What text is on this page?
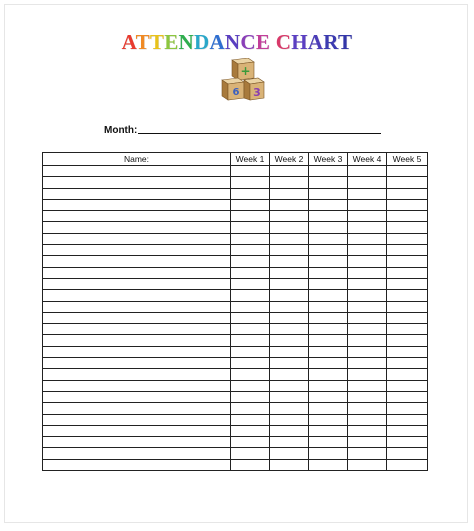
ATTENDANCE CHART
+
6 3
Month:
Name:	Week 1	Week 2	Week 3	Week 4	Week 5
